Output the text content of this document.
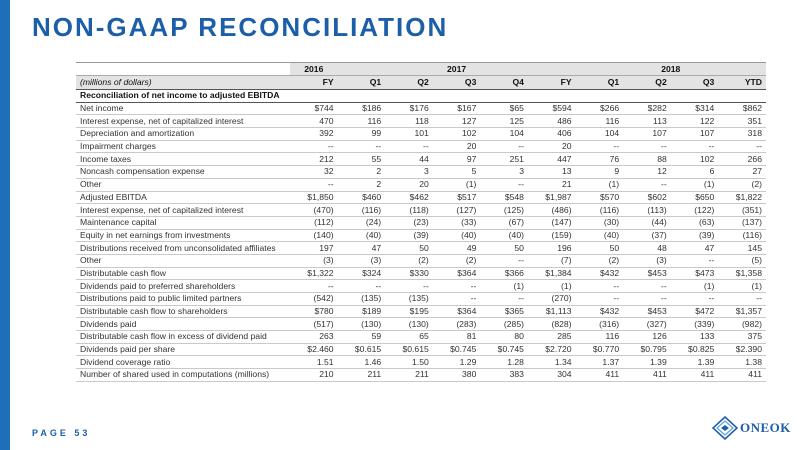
NON-GAAP RECONCILIATION
	2016	2017					2018			
(millions of dollars)	FY	Q1	Q2	Q3	Q4	FY	Q1	Q2	Q3	YTD
Reconciliation of net income to adjusted EBITDA										
Net income	$744	$186	$176	$167	$65	$594	$266	$282	$314	$862
Interest expense, net of capitalized interest	470	116	118	127	125	486	116	113	122	351
Depreciation and amortization	392	99	101	102	104	406	104	107	107	318
Impairment charges	--	--	--	20	--	20	--	--	--	--
Income taxes	212	55	44	97	251	447	76	88	102	266
Noncash compensation expense	32	2	3	5	3	13	9	12	6	27
Other	--	2	20	(1)	--	21	(1)	--	(1)	(2)
Adjusted EBITDA	$1,850	$460	$462	$517	$548	$1,987	$570	$602	$650	$1,822
Interest expense, net of capitalized interest	(470)	(116)	(118)	(127)	(125)	(486)	(116)	(113)	(122)	(351)
Maintenance capital	(112)	(24)	(23)	(33)	(67)	(147)	(30)	(44)	(63)	(137)
Equity in net earnings from investments	(140)	(40)	(39)	(40)	(40)	(159)	(40)	(37)	(39)	(116)
Distributions received from unconsolidated affiliates	197	47	50	49	50	196	50	48	47	145
Other	(3)	(3)	(2)	(2)	--	(7)	(2)	(3)	--	(5)
Distributable cash flow	$1,322	$324	$330	$364	$366	$1,384	$432	$453	$473	$1,358
Dividends paid to preferred shareholders	--	--	--	--	(1)	(1)	--	--	(1)	(1)
Distributions paid to public limited partners	(542)	(135)	(135)	--	--	(270)	--	--	--	--
Distributable cash flow to shareholders	$780	$189	$195	$364	$365	$1,113	$432	$453	$472	$1,357
Dividends paid	(517)	(130)	(130)	(283)	(285)	(828)	(316)	(327)	(339)	(982)
Distributable cash flow in excess of dividend paid	263	59	65	81	80	285	116	126	133	375
Dividends paid per share	$2.460	$0.615	$0.615	$0.745	$0.745	$2.720	$0.770	$0.795	$0.825	$2.390
Dividend coverage ratio	1.51	1.46	1.50	1.29	1.28	1.34	1.37	1.39	1.39	1.38
Number of shared used in computations (millions)	210	211	211	380	383	304	411	411	411	411
PAGE 53	ONEOK
